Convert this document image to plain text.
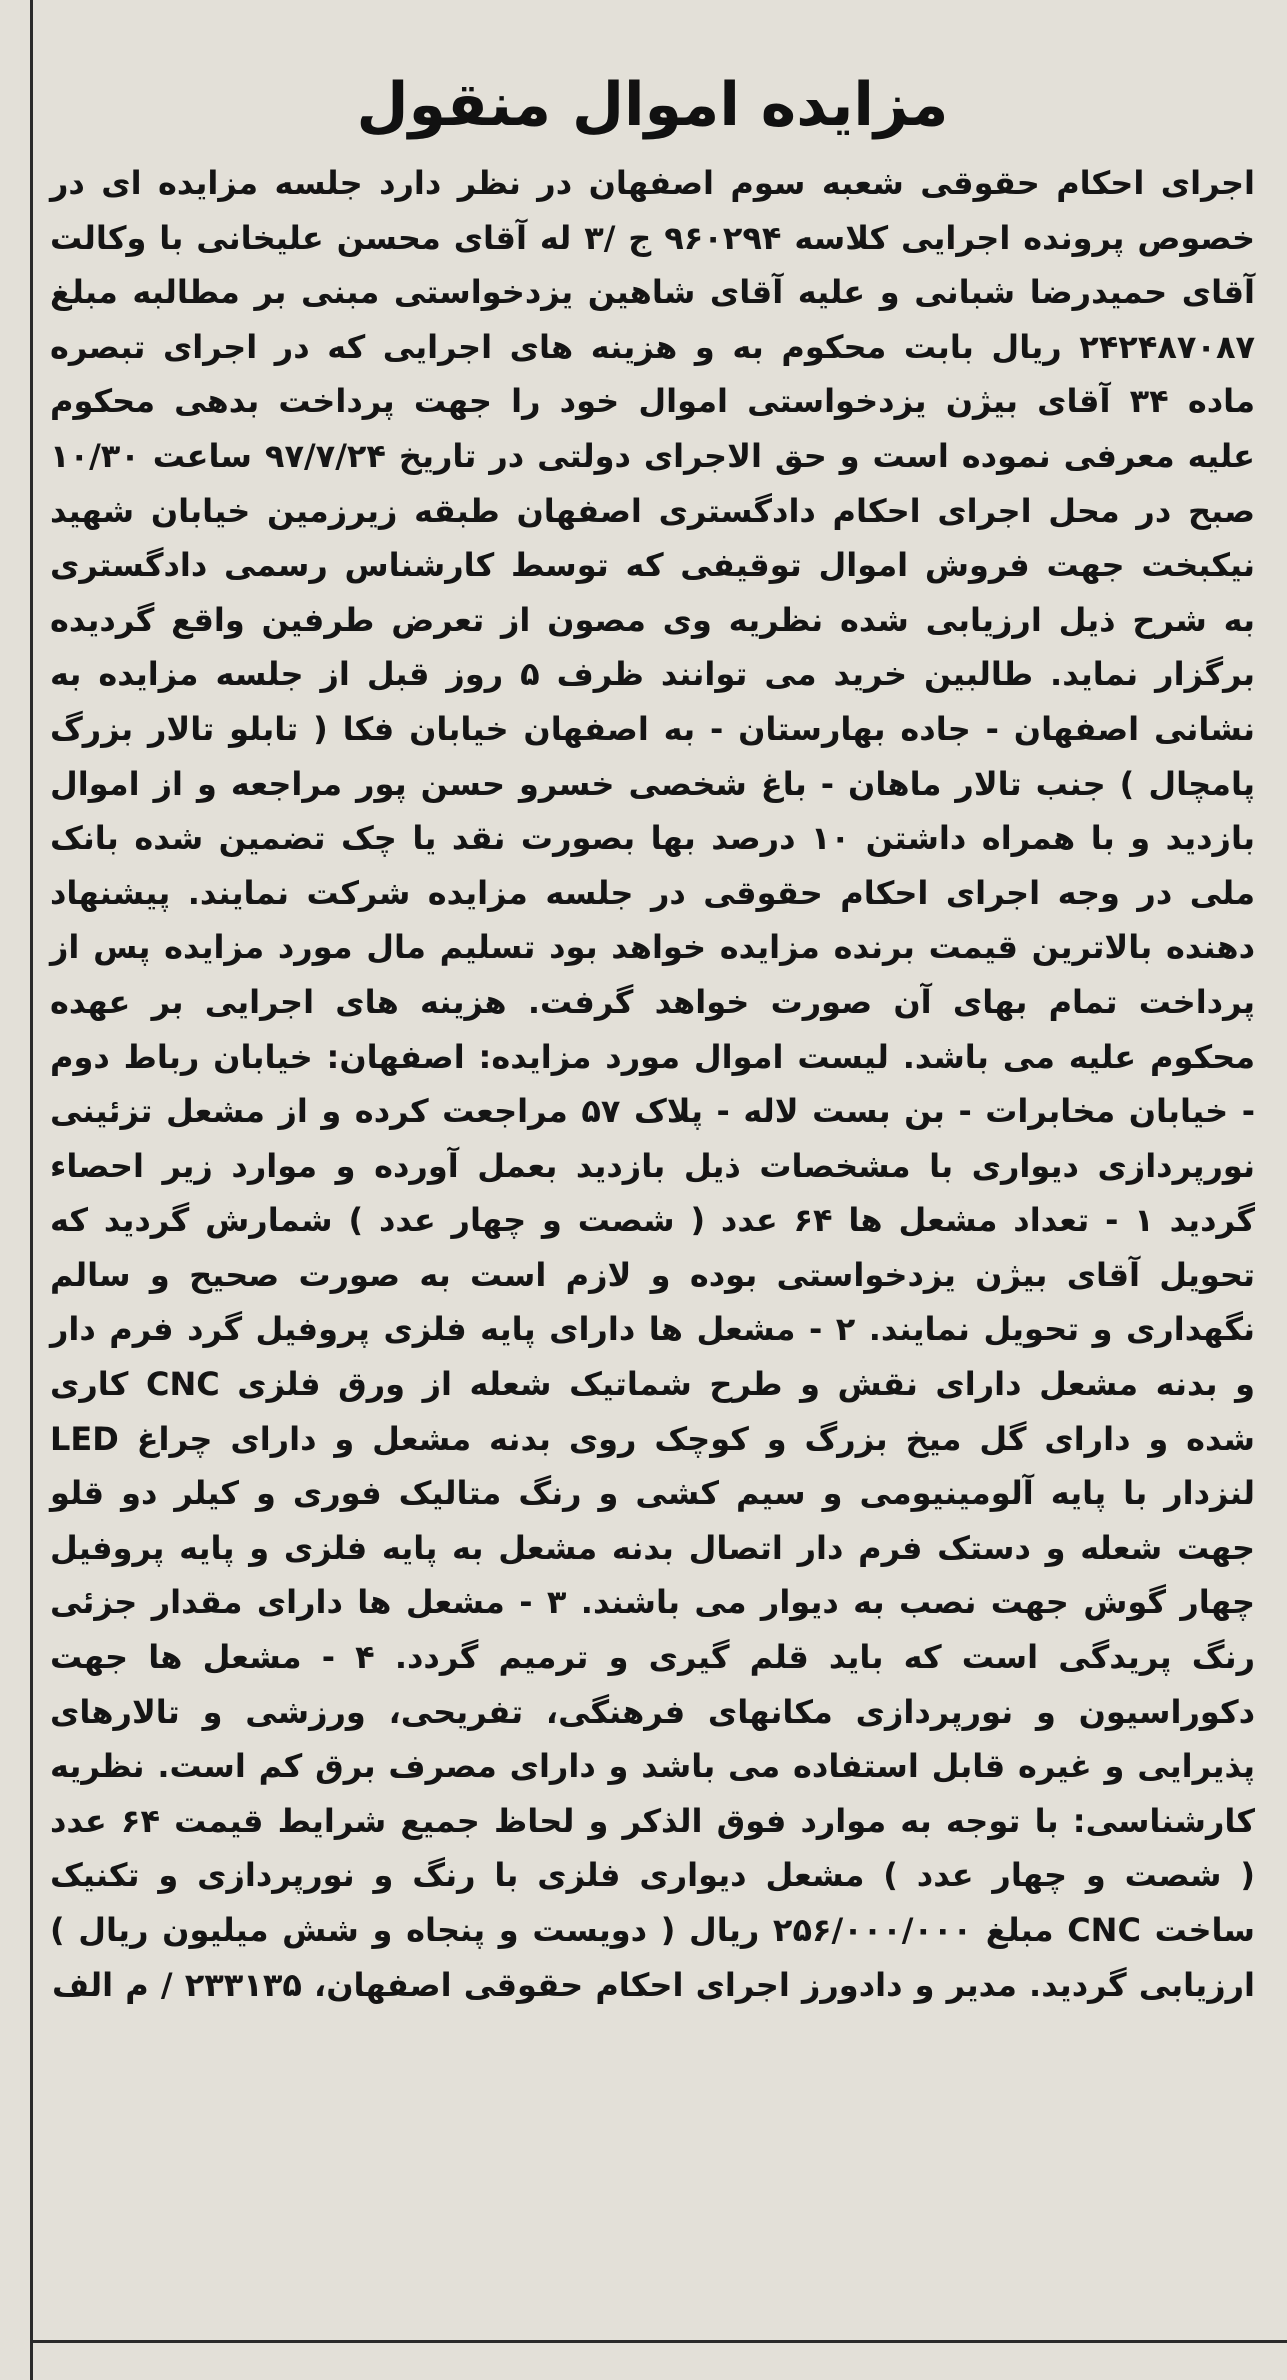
مزایده اموال منقول

اجرای احکام حقوقی شعبه سوم اصفهان در نظر دارد جلسه مزایده ای در خصوص پرونده اجرایی کلاسه ۹۶۰۲۹۴ ج /۳ له آقای محسن علیخانی با وکالت آقای حمیدرضا شبانی و علیه آقای شاهین یزدخواستی مبنی بر مطالبه مبلغ ۲۴۲۴۸۷۰۸۷ ریال بابت محکوم به و هزینه های اجرایی که در اجرای تبصره ماده ۳۴ آقای بیژن یزدخواستی اموال خود را جهت پرداخت بدهی محکوم علیه معرفی نموده است و حق الاجرای دولتی در تاریخ ۹۷/۷/۲۴ ساعت ۱۰/۳۰ صبح در محل اجرای احکام دادگستری اصفهان طبقه زیرزمین خیابان شهید نیکبخت جهت فروش اموال توقیفی که توسط کارشناس رسمی دادگستری به شرح ذیل ارزیابی شده نظریه وی مصون از تعرض طرفین واقع گردیده برگزار نماید. طالبین خرید می توانند ظرف ۵ روز قبل از جلسه مزایده به نشانی اصفهان - جاده بهارستان - به اصفهان خیابان فکا ( تابلو تالار بزرگ پامچال ) جنب تالار ماهان - باغ شخصی خسرو حسن پور مراجعه و از اموال بازدید و با همراه داشتن ۱۰ درصد بها بصورت نقد یا چک تضمین شده بانک ملی در وجه اجرای احکام حقوقی در جلسه مزایده شرکت نمایند. پیشنهاد دهنده بالاترین قیمت برنده مزایده خواهد بود تسلیم مال مورد مزایده پس از پرداخت تمام بهای آن صورت خواهد گرفت. هزینه های اجرایی بر عهده محکوم علیه می باشد. لیست اموال مورد مزایده: اصفهان: خیابان رباط دوم - خیابان مخابرات - بن بست لاله - پلاک ۵۷ مراجعت کرده و از مشعل تزئینی نورپردازی دیواری با مشخصات ذیل بازدید بعمل آورده و موارد زیر احصاء گردید ۱ - تعداد مشعل ها ۶۴ عدد ( شصت و چهار عدد ) شمارش گردید که تحویل آقای بیژن یزدخواستی بوده و لازم است به صورت صحیح و سالم نگهداری و تحویل نمایند. ۲ - مشعل ها دارای پایه فلزی پروفیل گرد فرم دار و بدنه مشعل دارای نقش و طرح شماتیک شعله از ورق فلزی CNC کاری شده و دارای گل میخ بزرگ و کوچک روی بدنه مشعل و دارای چراغ LED لنزدار با پایه آلومینیومی و سیم کشی و رنگ متالیک فوری و کیلر دو قلو جهت شعله و دستک فرم دار اتصال بدنه مشعل به پایه فلزی و پایه پروفیل چهار گوش جهت نصب به دیوار می باشند. ۳ - مشعل ها دارای مقدار جزئی رنگ پریدگی است که باید قلم گیری و ترمیم گردد. ۴ - مشعل ها جهت دکوراسیون و نورپردازی مکانهای فرهنگی، تفریحی، ورزشی و تالارهای پذیرایی و غیره قابل استفاده می باشد و دارای مصرف برق کم است. نظریه کارشناسی: با توجه به موارد فوق الذکر و لحاظ جمیع شرایط قیمت ۶۴ عدد ( شصت و چهار عدد ) مشعل دیواری فلزی با رنگ و نورپردازی و تکنیک ساخت CNC مبلغ ۲۵۶/۰۰۰/۰۰۰ ریال ( دویست و پنجاه و شش میلیون ریال ) ارزیابی گردید. مدیر و دادورز اجرای احکام حقوقی اصفهان، ۲۳۳۱۳۵ / م الف
